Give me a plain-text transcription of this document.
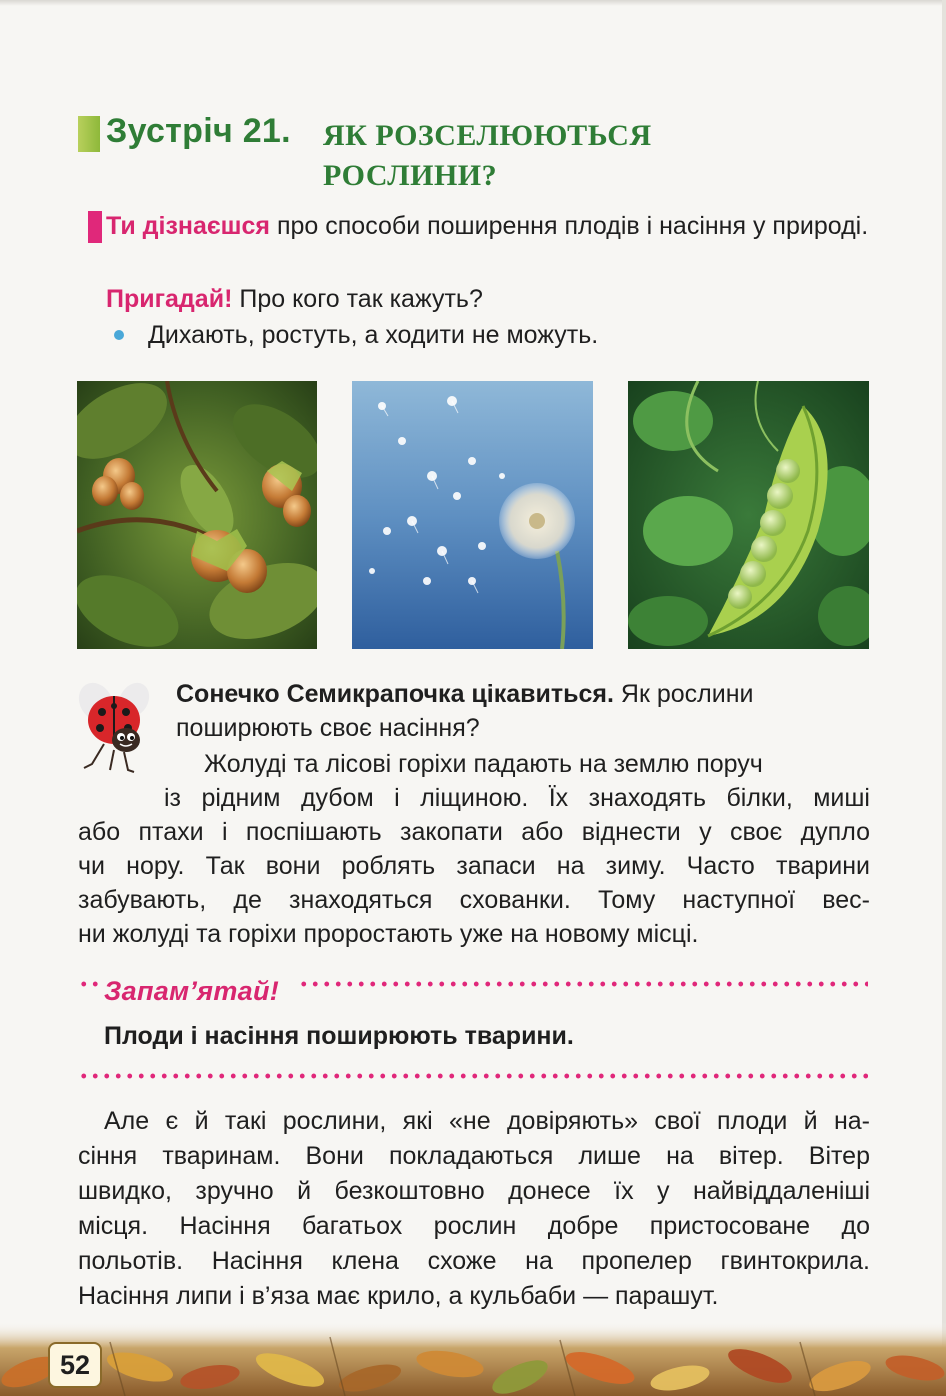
Зустріч 21. ЯК РОЗСЕЛЮЮТЬСЯ
РОСЛИНИ?
Ти дізнаєшся про способи поширення плодів і насіння у природі.
Пригадай! Про кого так кажуть?
Дихають, ростуть, а ходити не можуть.
Сонечко Семикрапочка цікавиться. Як рослини
поширюють своє насіння?
Жолуді та лісові горіхи падають на землю поруч
із рідним дубом і ліщиною. Їх знаходять білки, миші
або птахи і поспішають закопати або віднести у своє дупло
чи нору. Так вони роблять запаси на зиму. Часто тварини
забувають, де знаходяться схованки. Тому наступної вес-
ни жолуді та горіхи проростають уже на новому місці.
Запам’ятай!
Плоди і насіння поширюють тварини.
Але є й такі рослини, які «не довіряють» свої плоди й на-
сіння тваринам. Вони покладаються лише на вітер. Вітер
швидко, зручно й безкоштовно донесе їх у найвіддаленіші
місця. Насіння багатьох рослин добре пристосоване до
польотів. Насіння клена схоже на пропелер гвинтокрила.
Насіння липи і в’яза має крило, а кульбаби — парашут.
52
